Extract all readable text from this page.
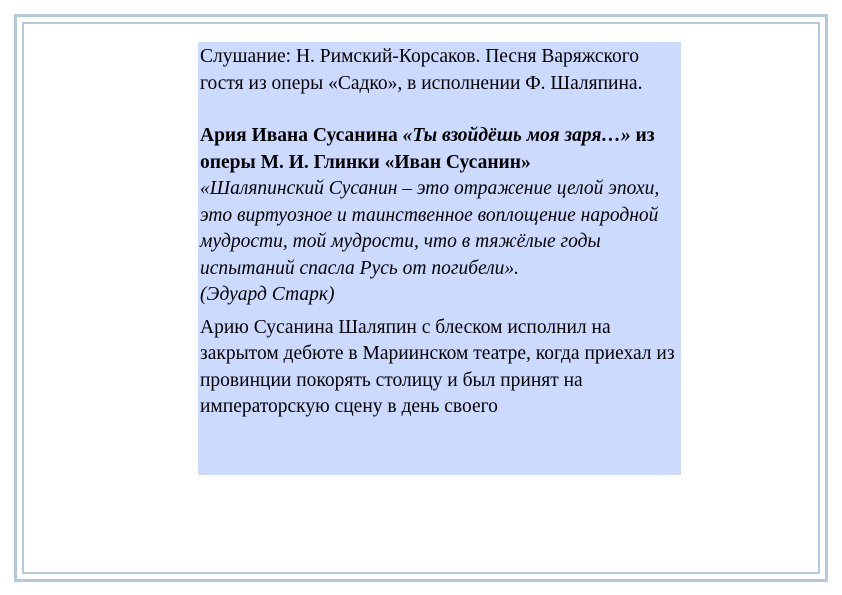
Слушание: Н. Римский-Корсаков. Песня Варяжского гостя из оперы «Садко», в исполнении Ф. Шаляпина.

Ария Ивана Сусанина «Ты взойдёшь моя заря…» из оперы М. И. Глинки «Иван Сусанин»

«Шаляпинский Сусанин – это отражение целой эпохи, это виртуозное и таинственное воплощение народной мудрости, той мудрости, что в тяжёлые годы испытаний спасла Русь от погибели».

(Эдуард Старк)

Арию Сусанина Шаляпин с блеском исполнил на закрытом дебюте в Мариинском театре, когда приехал из провинции покорять столицу и был принят на императорскую сцену в день своего
